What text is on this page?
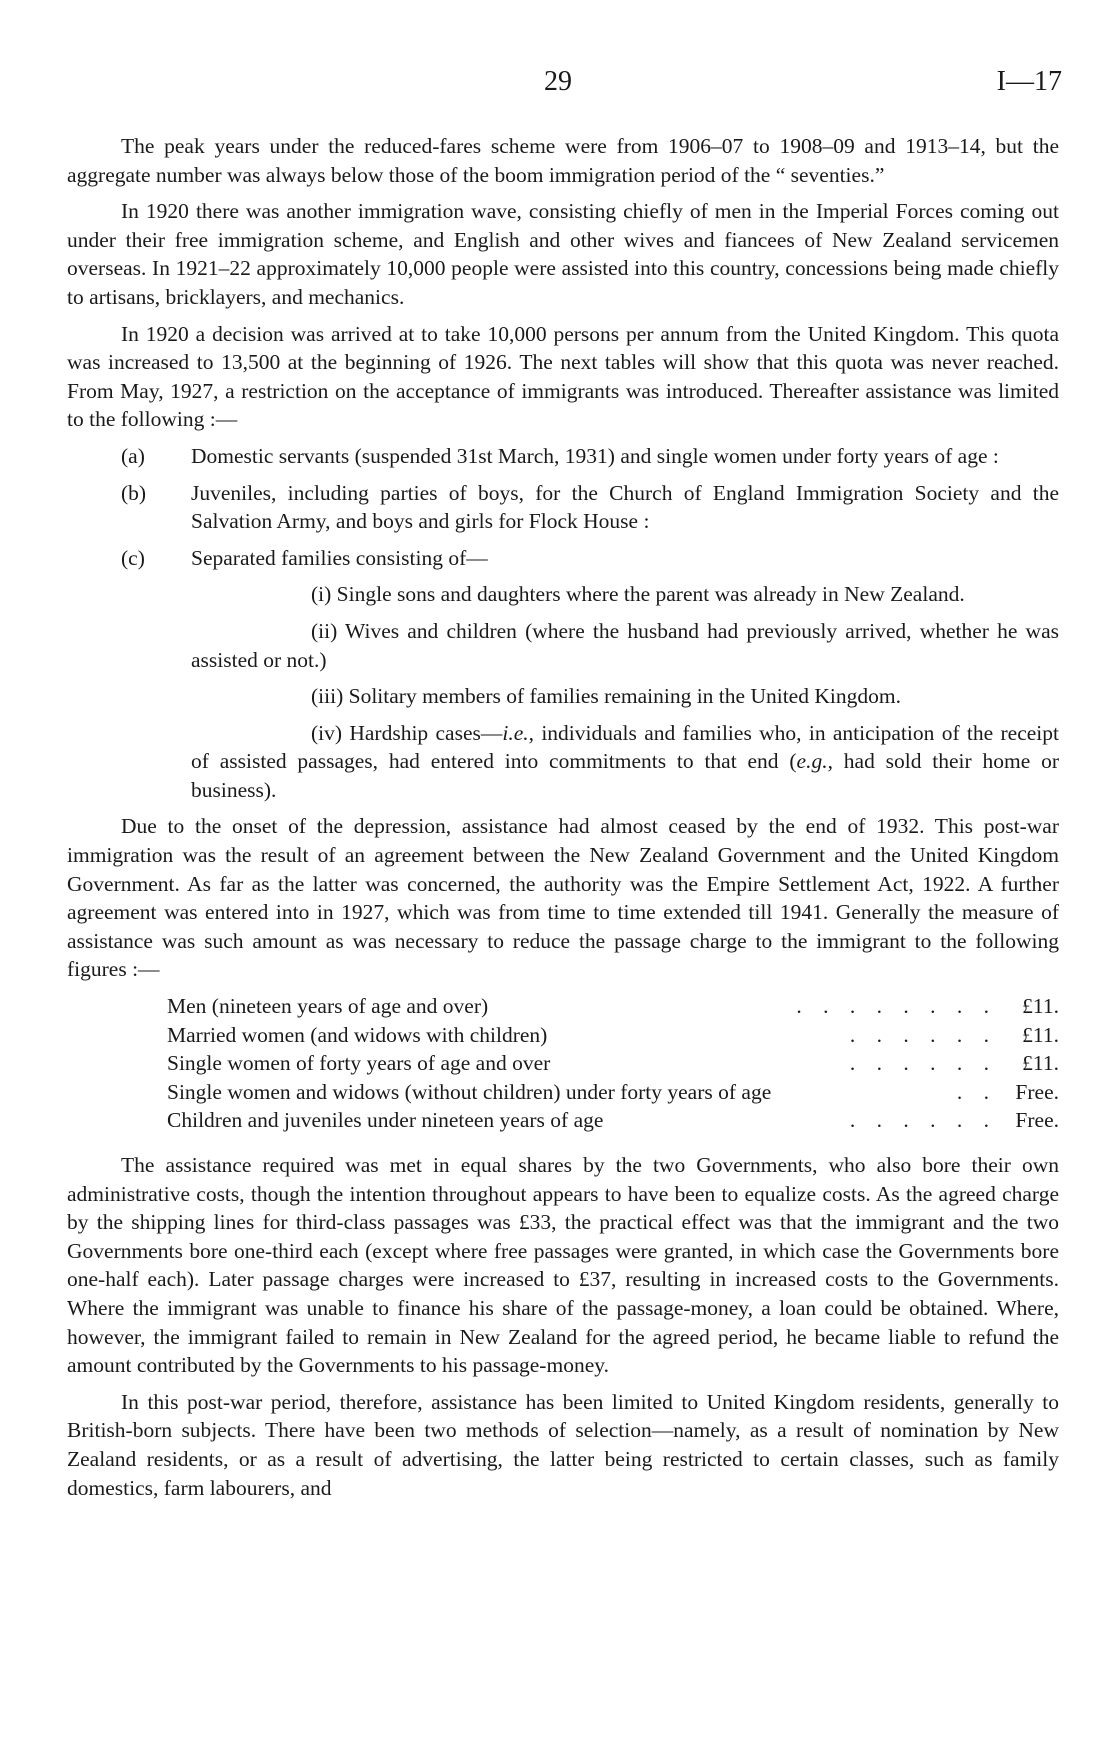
29	I—17

The peak years under the reduced-fares scheme were from 1906–07 to 1908–09 and 1913–14, but the aggregate number was always below those of the boom immigration period of the “ seventies.”

In 1920 there was another immigration wave, consisting chiefly of men in the Imperial Forces coming out under their free immigration scheme, and English and other wives and fiancees of New Zealand servicemen overseas. In 1921–22 approximately 10,000 people were assisted into this country, concessions being made chiefly to artisans, bricklayers, and mechanics.

In 1920 a decision was arrived at to take 10,000 persons per annum from the United Kingdom. This quota was increased to 13,500 at the beginning of 1926. The next tables will show that this quota was never reached. From May, 1927, a restriction on the acceptance of immigrants was introduced. Thereafter assistance was limited to the following :—

(a) Domestic servants (suspended 31st March, 1931) and single women under forty years of age :
(b) Juveniles, including parties of boys, for the Church of England Immigration Society and the Salvation Army, and boys and girls for Flock House :
(c) Separated families consisting of—
(i) Single sons and daughters where the parent was already in New Zealand.
(ii) Wives and children (where the husband had previously arrived, whether he was assisted or not.)
(iii) Solitary members of families remaining in the United Kingdom.
(iv) Hardship cases—i.e., individuals and families who, in anticipation of the receipt of assisted passages, had entered into commitments to that end (e.g., had sold their home or business).

Due to the onset of the depression, assistance had almost ceased by the end of 1932. This post-war immigration was the result of an agreement between the New Zealand Government and the United Kingdom Government. As far as the latter was concerned, the authority was the Empire Settlement Act, 1922. A further agreement was entered into in 1927, which was from time to time extended till 1941. Generally the measure of assistance was such amount as was necessary to reduce the passage charge to the immigrant to the following figures :—

Men (nineteen years of age and over)	. . . . . . . .	£11.
Married women (and widows with children)	. . . . . .	£11.
Single women of forty years of age and over	. . . . . .	£11.
Single women and widows (without children) under forty years of age	. . Free.
Children and juveniles under nineteen years of age	. . . . . . Free.

The assistance required was met in equal shares by the two Governments, who also bore their own administrative costs, though the intention throughout appears to have been to equalize costs. As the agreed charge by the shipping lines for third-class passages was £33, the practical effect was that the immigrant and the two Governments bore one-third each (except where free passages were granted, in which case the Governments bore one-half each). Later passage charges were increased to £37, resulting in increased costs to the Governments. Where the immigrant was unable to finance his share of the passage-money, a loan could be obtained. Where, however, the immigrant failed to remain in New Zealand for the agreed period, he became liable to refund the amount contributed by the Governments to his passage-money.

In this post-war period, therefore, assistance has been limited to United Kingdom residents, generally to British-born subjects. There have been two methods of selection—namely, as a result of nomination by New Zealand residents, or as a result of advertising, the latter being restricted to certain classes, such as family domestics, farm labourers, and
